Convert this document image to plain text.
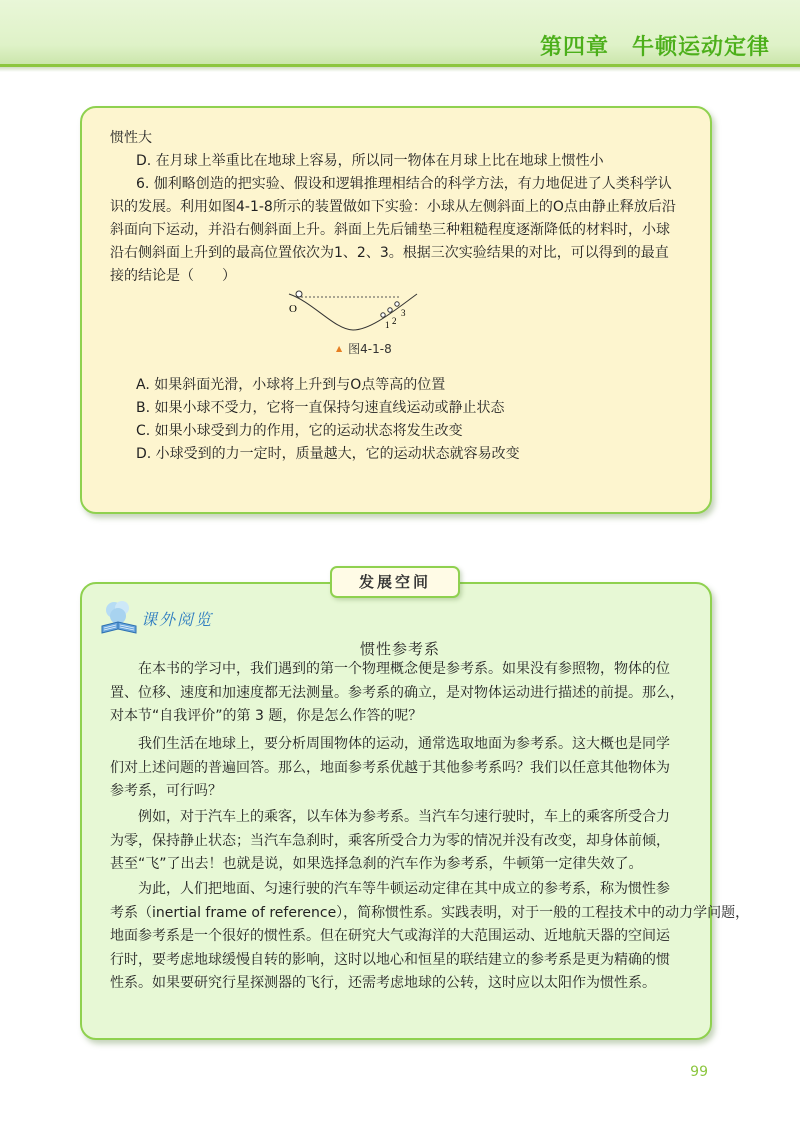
第四章　牛顿运动定律
惯性大
D. 在月球上举重比在地球上容易，所以同一物体在月球上比在地球上惯性小
6. 伽利略创造的把实验、假设和逻辑推理相结合的科学方法，有力地促进了人类科学认
识的发展。利用如图4-1-8所示的装置做如下实验：小球从左侧斜面上的O点由静止释放后沿
斜面向下运动，并沿右侧斜面上升。斜面上先后铺垫三种粗糙程度逐渐降低的材料时，小球
沿右侧斜面上升到的最高位置依次为1、2、3。根据三次实验结果的对比，可以得到的最直
接的结论是（　　）
O
1 2
3
▲ 图4-1-8
A. 如果斜面光滑，小球将上升到与O点等高的位置
B. 如果小球不受力，它将一直保持匀速直线运动或静止状态
C. 如果小球受到力的作用，它的运动状态将发生改变
D. 小球受到的力一定时，质量越大，它的运动状态就容易改变
发展空间
课外阅览
惯性参考系
　　在本书的学习中，我们遇到的第一个物理概念便是参考系。如果没有参照物，物体的位
置、位移、速度和加速度都无法测量。参考系的确立，是对物体运动进行描述的前提。那么，
对本节“自我评价”的第 3 题，你是怎么作答的呢？
　　我们生活在地球上，要分析周围物体的运动，通常选取地面为参考系。这大概也是同学
们对上述问题的普遍回答。那么，地面参考系优越于其他参考系吗？我们以任意其他物体为
参考系，可行吗？
　　例如，对于汽车上的乘客，以车体为参考系。当汽车匀速行驶时，车上的乘客所受合力
为零，保持静止状态；当汽车急刹时，乘客所受合力为零的情况并没有改变，却身体前倾，
甚至“飞”了出去！也就是说，如果选择急刹的汽车作为参考系，牛顿第一定律失效了。
　　为此，人们把地面、匀速行驶的汽车等牛顿运动定律在其中成立的参考系，称为惯性参
考系（inertial frame of reference），简称惯性系。实践表明，对于一般的工程技术中的动力学问题，
地面参考系是一个很好的惯性系。但在研究大气或海洋的大范围运动、近地航天器的空间运
行时，要考虑地球缓慢自转的影响，这时以地心和恒星的联结建立的参考系是更为精确的惯
性系。如果要研究行星探测器的飞行，还需考虑地球的公转，这时应以太阳作为惯性系。
99
